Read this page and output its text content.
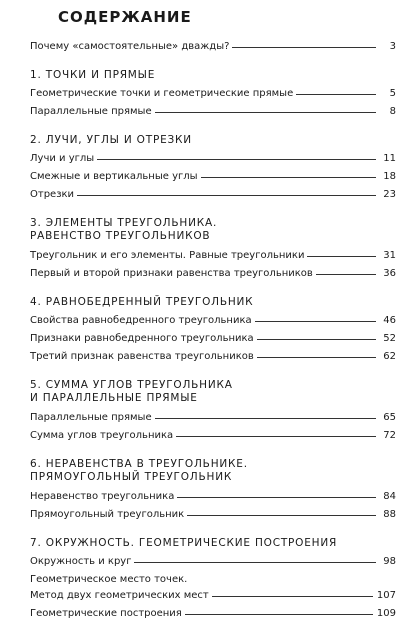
СОДЕРЖАНИЕ
Почему «самостоятельные» дважды?	3
1. ТОЧКИ И ПРЯМЫЕ
Геометрические точки и геометрические прямые	5
Параллельные прямые	8
2. ЛУЧИ, УГЛЫ И ОТРЕЗКИ
Лучи и углы	11
Смежные и вертикальные углы	18
Отрезки	23
3. ЭЛЕМЕНТЫ ТРЕУГОЛЬНИКА.
РАВЕНСТВО ТРЕУГОЛЬНИКОВ
Треугольник и его элементы. Равные треугольники	31
Первый и второй признаки равенства треугольников	36
4. РАВНОБЕДРЕННЫЙ ТРЕУГОЛЬНИК
Свойства равнобедренного треугольника	46
Признаки равнобедренного треугольника	52
Третий признак равенства треугольников	62
5. СУММА УГЛОВ ТРЕУГОЛЬНИКА
И ПАРАЛЛЕЛЬНЫЕ ПРЯМЫЕ
Параллельные прямые	65
Сумма углов треугольника	72
6. НЕРАВЕНСТВА В ТРЕУГОЛЬНИКЕ.
ПРЯМОУГОЛЬНЫЙ ТРЕУГОЛЬНИК
Неравенство треугольника	84
Прямоугольный треугольник	88
7. ОКРУЖНОСТЬ. ГЕОМЕТРИЧЕСКИЕ ПОСТРОЕНИЯ
Окружность и круг	98
Геометрическое место точек.
Метод двух геометрических мест	107
Геометрические построения	109
